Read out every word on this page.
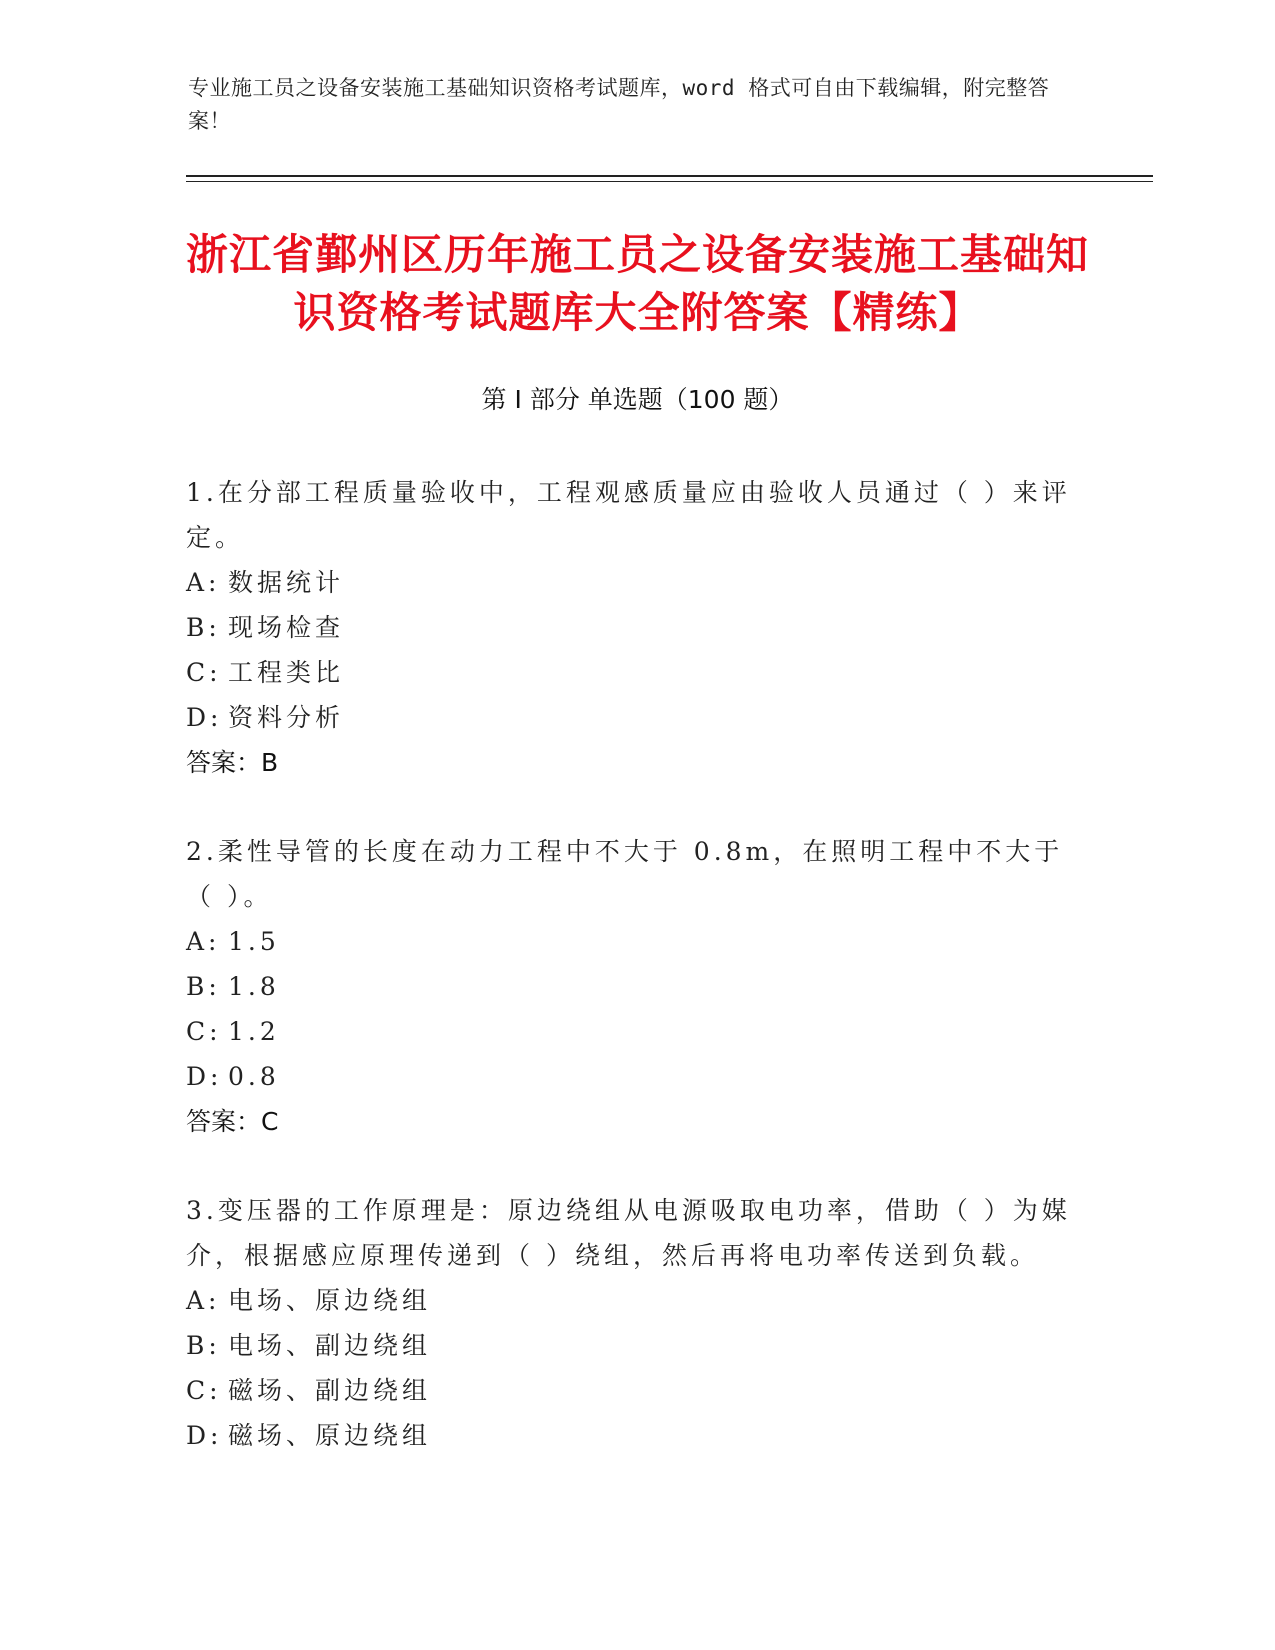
专业施工员之设备安装施工基础知识资格考试题库，word 格式可自由下载编辑，附完整答案！
浙江省鄞州区历年施工员之设备安装施工基础知识资格考试题库大全附答案【精练】
第 I 部分 单选题（100 题）

1.在分部工程质量验收中，工程观感质量应由验收人员通过（ ）来评定。

A: 数据统计

B: 现场检查

C: 工程类比

D: 资料分析

答案：B

2.柔性导管的长度在动力工程中不大于 0.8m，在照明工程中不大于（ ）。

A: 1.5

B: 1.8

C: 1.2

D: 0.8

答案：C

3.变压器的工作原理是：原边绕组从电源吸取电功率，借助（ ）为媒介，根据感应原理传递到（ ）绕组，然后再将电功率传送到负载。

A: 电场、原边绕组

B: 电场、副边绕组

C: 磁场、副边绕组

D: 磁场、原边绕组
